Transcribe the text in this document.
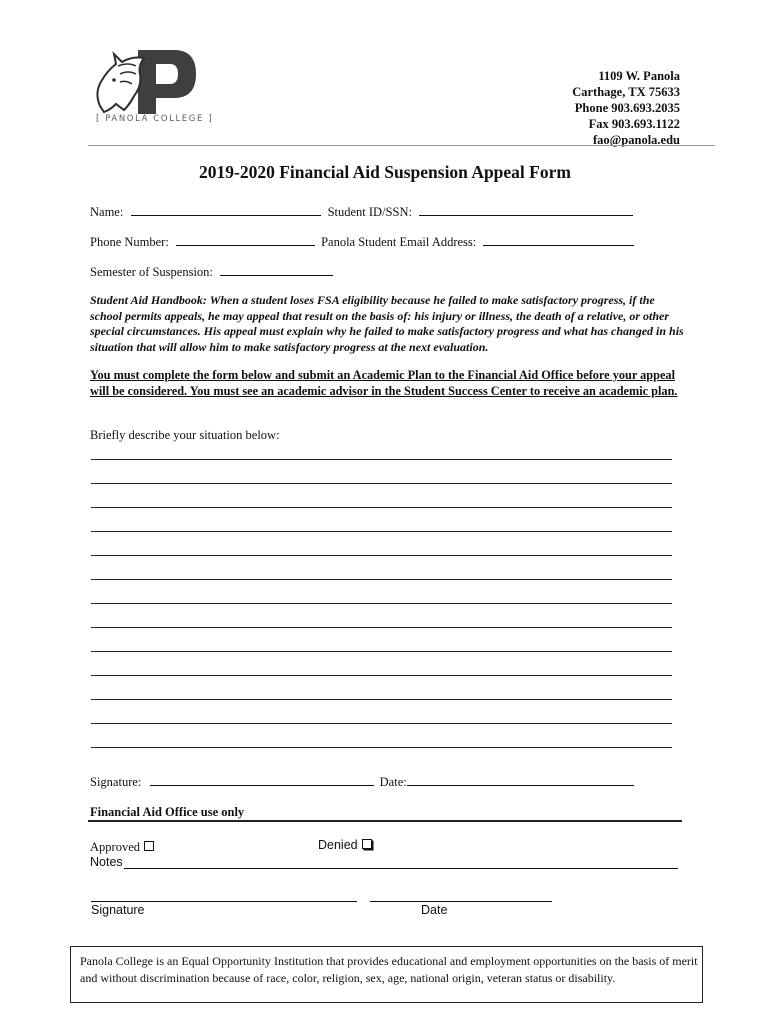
[ PANOLA COLLEGE ]
1109 W. Panola
Carthage, TX 75633
Phone 903.693.2035
Fax 903.693.1122
fao@panola.edu
2019-2020 Financial Aid Suspension Appeal Form
Name:	Student ID/SSN:
Phone Number:	Panola Student Email Address:
Semester of Suspension:
Student Aid Handbook: When a student loses FSA eligibility because he failed to make satisfactory progress, if the school permits appeals, he may appeal that result on the basis of: his injury or illness, the death of a relative, or other special circumstances. His appeal must explain why he failed to make satisfactory progress and what has changed in his situation that will allow him to make satisfactory progress at the next evaluation.
You must complete the form below and submit an Academic Plan to the Financial Aid Office before your appeal will be considered. You must see an academic advisor in the Student Success Center to receive an academic plan.
Briefly describe your situation below:
Signature:	Date:
Financial Aid Office use only
Approved	Denied
Notes
Signature	Date
Panola College is an Equal Opportunity Institution that provides educational and employment opportunities on the basis of merit and without discrimination because of race, color, religion, sex, age, national origin, veteran status or disability.
